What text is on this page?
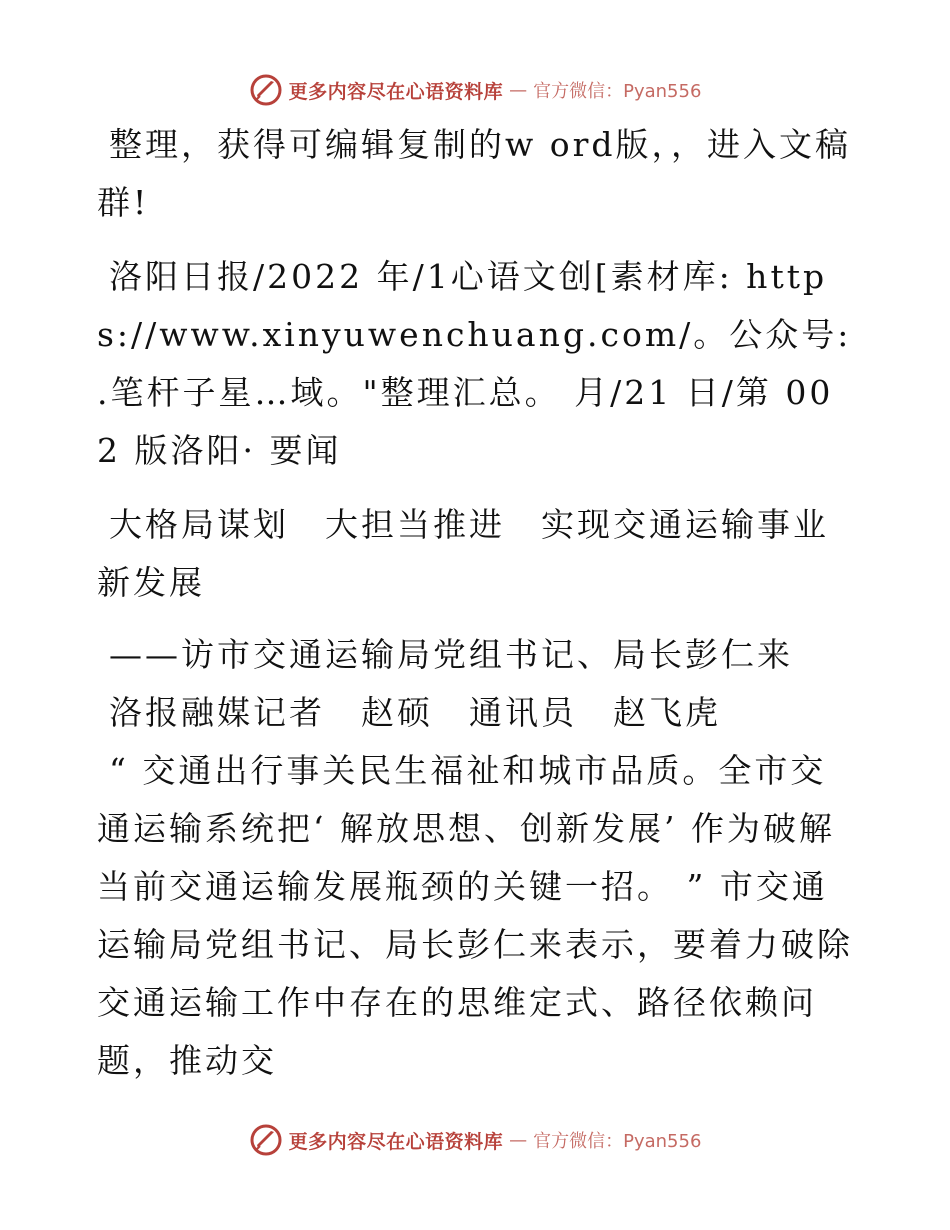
更多内容尽在心语资料库 — 官方微信：Pyan556

整理，获得可编辑复制的w ord版，，进入文稿群!

洛阳日报/2022 年/1心语文创[素材库: https://www.xinyuwenchuang.com/。公众号: .笔杆子星…域。"整理汇总。 月/21 日/第 002 版洛阳· 要闻

大格局谋划　大担当推进　实现交通运输事业新发展

——访市交通运输局党组书记、局长彭仁来

洛报融媒记者　赵硕　通讯员　赵飞虎

“ 交通出行事关民生福祉和城市品质。全市交通运输系统把‘ 解放思想、创新发展’ 作为破解当前交通运输发展瓶颈的关键一招。 ” 市交通运输局党组书记、局长彭仁来表示，要着力破除交通运输工作中存在的思维定式、路径依赖问题，推动交

更多内容尽在心语资料库 — 官方微信：Pyan556
